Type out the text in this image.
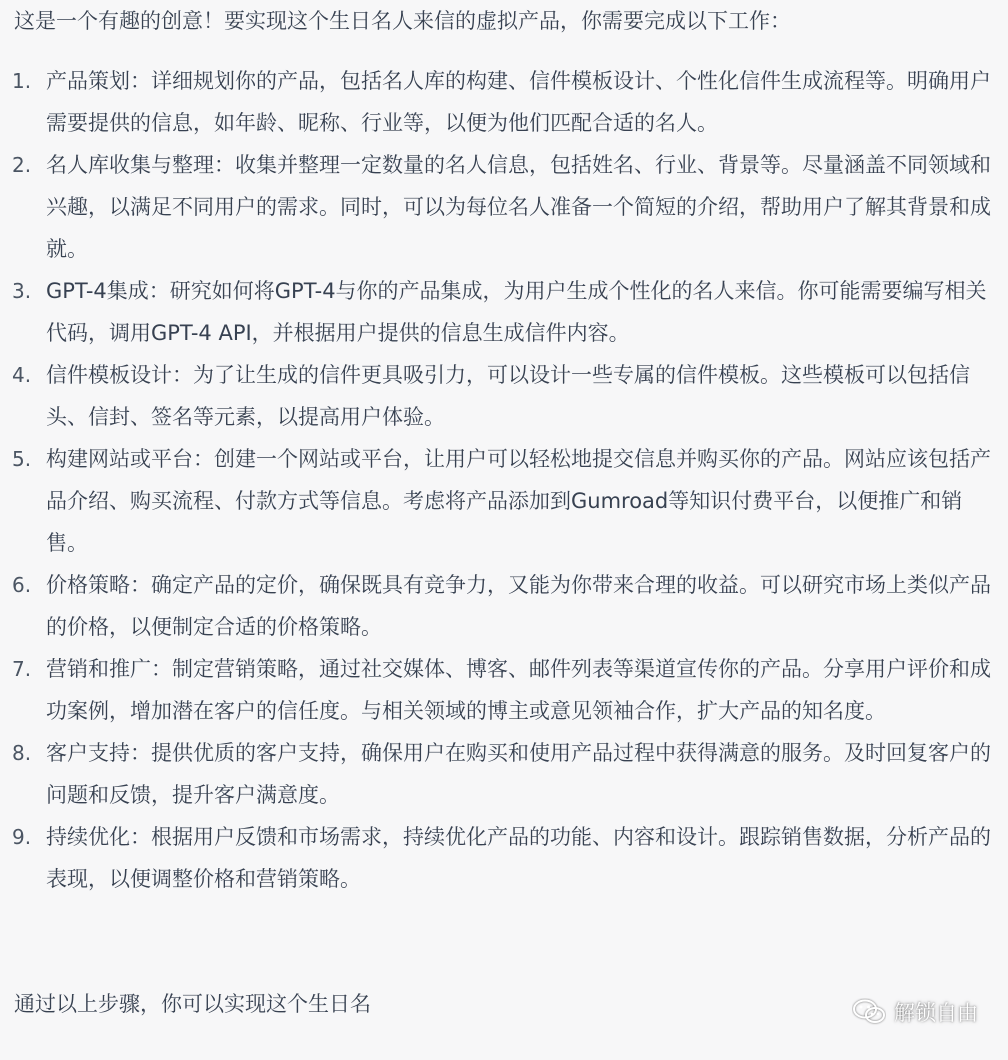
这是一个有趣的创意！要实现这个生日名人来信的虚拟产品，你需要完成以下工作：

1. 产品策划：详细规划你的产品，包括名人库的构建、信件模板设计、个性化信件生成流程等。明确用户需要提供的信息，如年龄、昵称、行业等，以便为他们匹配合适的名人。
2. 名人库收集与整理：收集并整理一定数量的名人信息，包括姓名、行业、背景等。尽量涵盖不同领域和兴趣，以满足不同用户的需求。同时，可以为每位名人准备一个简短的介绍，帮助用户了解其背景和成就。
3. GPT-4集成：研究如何将GPT-4与你的产品集成，为用户生成个性化的名人来信。你可能需要编写相关代码，调用GPT-4 API，并根据用户提供的信息生成信件内容。
4. 信件模板设计：为了让生成的信件更具吸引力，可以设计一些专属的信件模板。这些模板可以包括信头、信封、签名等元素，以提高用户体验。
5. 构建网站或平台：创建一个网站或平台，让用户可以轻松地提交信息并购买你的产品。网站应该包括产品介绍、购买流程、付款方式等信息。考虑将产品添加到Gumroad等知识付费平台，以便推广和销售。
6. 价格策略：确定产品的定价，确保既具有竞争力，又能为你带来合理的收益。可以研究市场上类似产品的价格，以便制定合适的价格策略。
7. 营销和推广：制定营销策略，通过社交媒体、博客、邮件列表等渠道宣传你的产品。分享用户评价和成功案例，增加潜在客户的信任度。与相关领域的博主或意见领袖合作，扩大产品的知名度。
8. 客户支持：提供优质的客户支持，确保用户在购买和使用产品过程中获得满意的服务。及时回复客户的问题和反馈，提升客户满意度。
9. 持续优化：根据用户反馈和市场需求，持续优化产品的功能、内容和设计。跟踪销售数据，分析产品的表现，以便调整价格和营销策略。

通过以上步骤，你可以实现这个生日名	解锁自由
